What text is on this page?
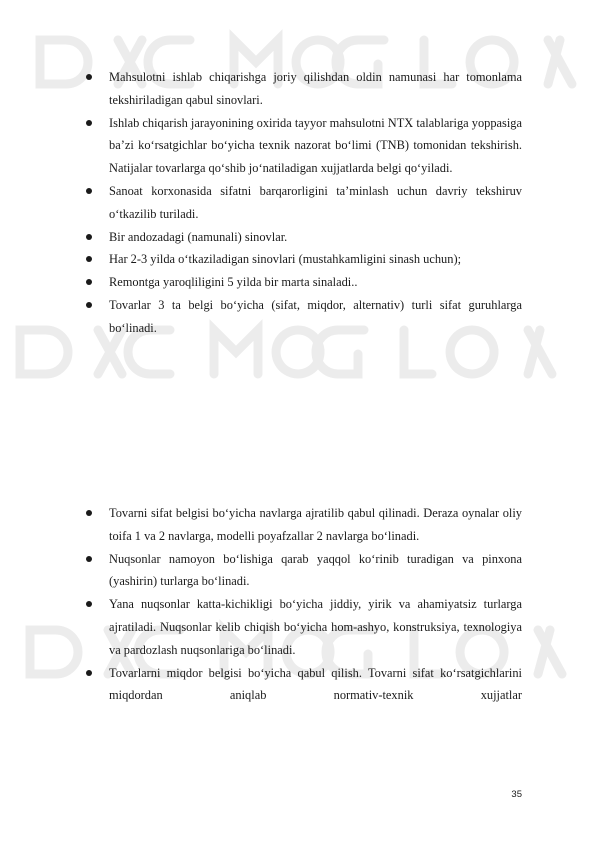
Mahsulotni ishlab chiqarishga joriy qilishdan oldin namunasi har tomonlama tekshiriladigan qabul sinovlari.
Ishlab chiqarish jarayonining oxirida tayyor mahsulotni NTX talablariga yoppasiga ba’zi ko‘rsatgichlar bo‘yicha texnik nazorat bo‘limi (TNB) tomonidan tekshirish. Natijalar tovarlarga qo‘shib jo‘natiladigan xujjatlarda belgi qo‘yiladi.
Sanoat korxonasida sifatni barqarorligini ta’minlash uchun davriy tekshiruv o‘tkazilib turiladi.
Bir andozadagi (namunali) sinovlar.
Har 2-3 yilda o‘tkaziladigan sinovlari (mustahkamligini sinash uchun);
Remontga yaroqliligini 5 yilda bir marta sinaladi..
Tovarlar 3 ta belgi bo‘yicha (sifat, miqdor, alternativ) turli sifat guruhlarga bo‘linadi.
Tovarni sifat belgisi bo‘yicha navlarga ajratilib qabul qilinadi. Deraza oynalar oliy toifa 1 va 2 navlarga, modelli poyafzallar 2 navlarga bo‘linadi.
Nuqsonlar namoyon bo‘lishiga qarab yaqqol ko‘rinib turadigan va pinxona (yashirin) turlarga bo‘linadi.
Yana nuqsonlar katta-kichikligi bo‘yicha jiddiy, yirik va ahamiyatsiz turlarga ajratiladi. Nuqsonlar kelib chiqish bo‘yicha hom-ashyo, konstruksiya, texnologiya va pardozlash nuqsonlariga bo‘linadi.
Tovarlarni miqdor belgisi bo‘yicha qabul qilish. Tovarni sifat ko‘rsatgichlarini miqdordan aniqlab normativ-texnik xujjatlar
35
